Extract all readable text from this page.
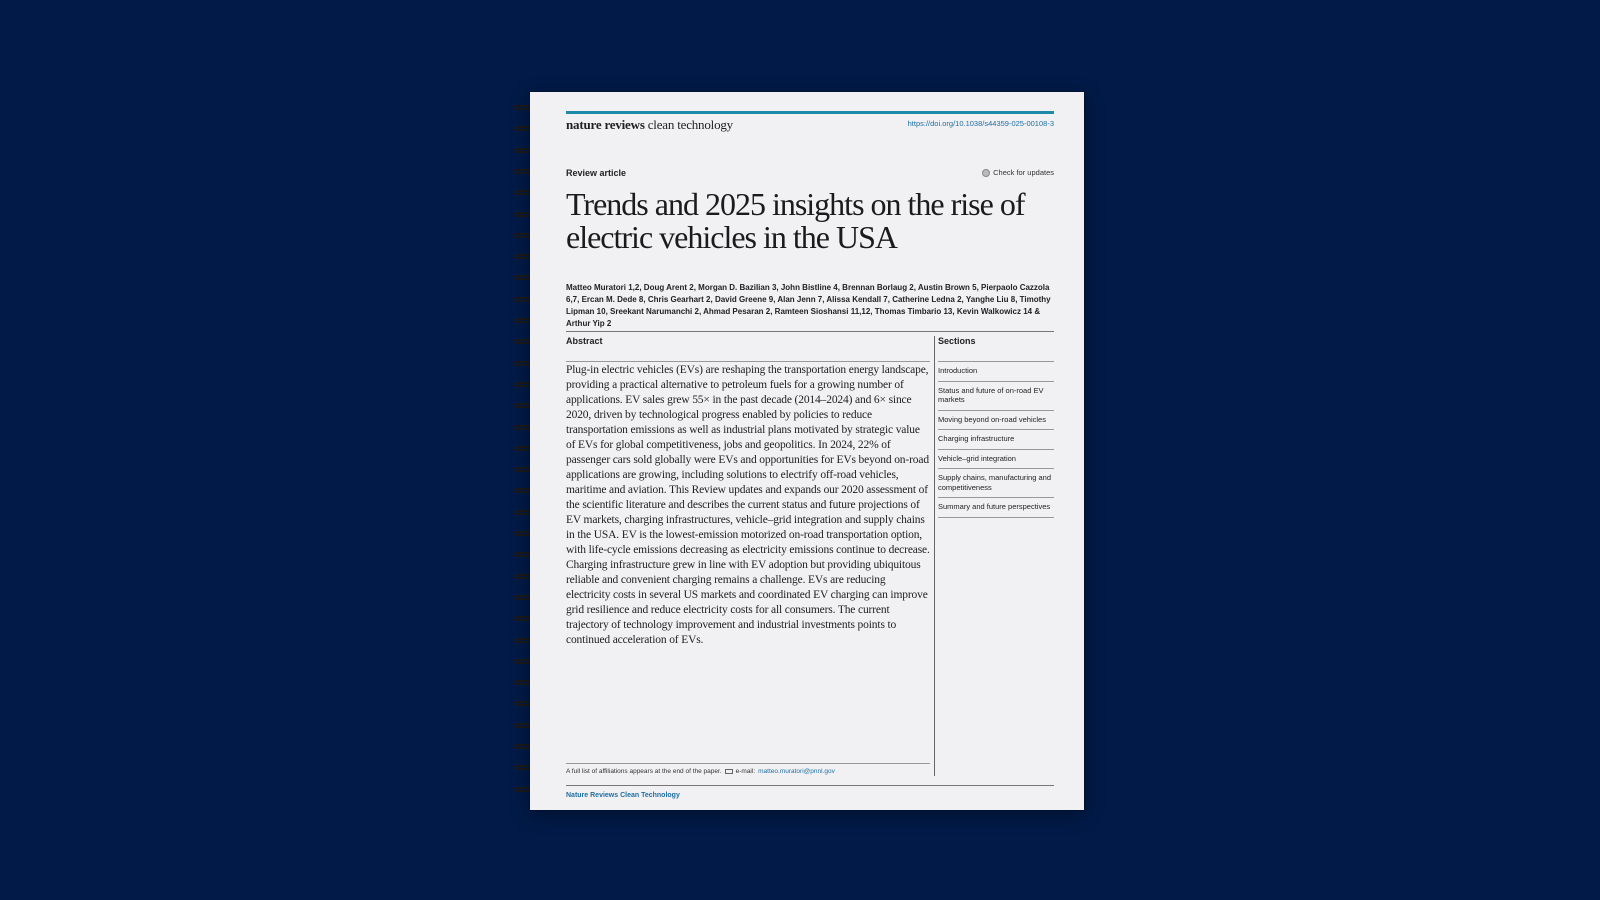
nature reviews clean technology	https://doi.org/10.1038/s44359-025-00108-3
Review article	Check for updates
Trends and 2025 insights on the rise of electric vehicles in the USA
Matteo Muratori 1,2, Doug Arent 2, Morgan D. Bazilian 3, John Bistline 4, Brennan Borlaug 2, Austin Brown 5, Pierpaolo Cazzola 6,7, Ercan M. Dede 8, Chris Gearhart 2, David Greene 9, Alan Jenn 7, Alissa Kendall 7, Catherine Ledna 2, Yanghe Liu 8, Timothy Lipman 10, Sreekant Narumanchi 2, Ahmad Pesaran 2, Ramteen Sioshansi 11,12, Thomas Timbario 13, Kevin Walkowicz 14 & Arthur Yip 2
Abstract
Plug-in electric vehicles (EVs) are reshaping the transportation energy landscape, providing a practical alternative to petroleum fuels for a growing number of applications. EV sales grew 55× in the past decade (2014–2024) and 6× since 2020, driven by technological progress enabled by policies to reduce transportation emissions as well as industrial plans motivated by strategic value of EVs for global competitiveness, jobs and geopolitics. In 2024, 22% of passenger cars sold globally were EVs and opportunities for EVs beyond on-road applications are growing, including solutions to electrify off-road vehicles, maritime and aviation. This Review updates and expands our 2020 assessment of the scientific literature and describes the current status and future projections of EV markets, charging infrastructures, vehicle–grid integration and supply chains in the USA. EV is the lowest-emission motorized on-road transportation option, with life-cycle emissions decreasing as electricity emissions continue to decrease. Charging infrastructure grew in line with EV adoption but providing ubiquitous reliable and convenient charging remains a challenge. EVs are reducing electricity costs in several US markets and coordinated EV charging can improve grid resilience and reduce electricity costs for all consumers. The current trajectory of technology improvement and industrial investments points to continued acceleration of EVs.
Sections
Introduction
Status and future of on-road EV markets
Moving beyond on-road vehicles
Charging infrastructure
Vehicle–grid integration
Supply chains, manufacturing and competitiveness
Summary and future perspectives
A full list of affiliations appears at the end of the paper. e-mail: matteo.muratori@pnnl.gov
Nature Reviews Clean Technology
